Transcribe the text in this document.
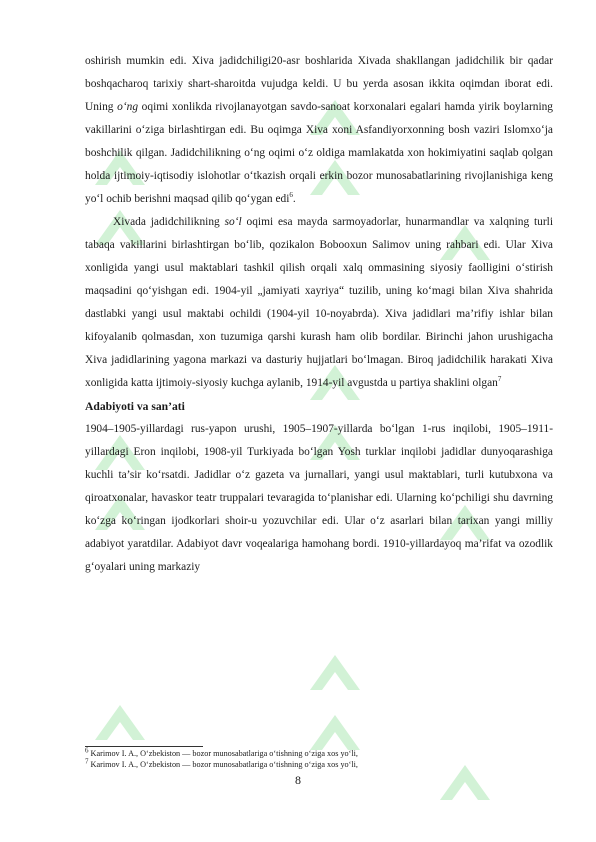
oshirish mumkin edi. Xiva jadidchiligi20-asr boshlarida Xivada shakllangan jadidchilik bir qadar boshqacharoq tarixiy shart-sharoitda vujudga keldi. U bu yerda asosan ikkita oqimdan iborat edi. Uning o‘ng oqimi xonlikda rivojlanayotgan savdo-sanoat korxonalari egalari hamda yirik boylarning vakillarini o‘ziga birlashtirgan edi. Bu oqimga Xiva xoni Asfandiyorxonning bosh vaziri Islomxo‘ja boshchilik qilgan. Jadidchilikning o‘ng oqimi o‘z oldiga mamlakatda xon hokimiyatini saqlab qolgan holda ijtimoiy-iqtisodiy islohotlar o‘tkazish orqali erkin bozor munosabatlarining rivojlanishiga keng yo‘l ochib berishni maqsad qilib qo‘ygan edi$^6$.

Xivada jadidchilikning so‘l oqimi esa mayda sarmoyadorlar, hunarmandlar va xalqning turli tabaqa vakillarini birlashtirgan bo‘lib, qozikalon Bobooxun Salimov uning rahbari edi. Ular Xiva xonligida yangi usul maktablari tashkil qilish orqali xalq ommasining siyosiy faolligini o‘stirish maqsadini qo‘yishgan edi. 1904-yil „jamiyati xayriya“ tuzilib, uning ko‘magi bilan Xiva shahrida dastlabki yangi usul maktabi ochildi (1904-yil 10-noyabrda). Xiva jadidlari ma’rifiy ishlar bilan kifoyalanib qolmasdan, xon tuzumiga qarshi kurash ham olib bordilar. Birinchi jahon urushigacha Xiva jadidlarining yagona markazi va dasturiy hujjatlari bo‘lmagan. Biroq jadidchilik harakati Xiva xonligida katta ijtimoiy-siyosiy kuchga aylanib, 1914-yil avgustda u partiya shaklini olgan$^7$

Adabiyoti va san’ati

1904–1905-yillardagi rus-yapon urushi, 1905–1907-yillarda bo‘lgan 1-rus inqilobi, 1905–1911-yillardagi Eron inqilobi, 1908-yil Turkiyada bo‘lgan Yosh turklar inqilobi jadidlar dunyoqarashiga kuchli ta’sir ko‘rsatdi. Jadidlar o‘z gazeta va jurnallari, yangi usul maktablari, turli kutubxona va qiroatxonalar, havaskor teatr truppalari tevaragida to‘planishar edi. Ularning ko‘pchiligi shu davrning ko‘zga ko‘ringan ijodkorlari shoir-u yozuvchilar edi. Ular o‘z asarlari bilan tarixan yangi milliy adabiyot yaratdilar. Adabiyot davr voqealariga hamohang bordi. 1910-yillardayoq ma’rifat va ozodlik g‘oyalari uning markaziy

$^6$ Karimov I. A., O‘zbekiston — bozor munosabatlariga o‘tishning o‘ziga xos yo‘li,

$^7$ Karimov I. A., O‘zbekiston — bozor munosabatlariga o‘tishning o‘ziga xos yo‘li,

8
